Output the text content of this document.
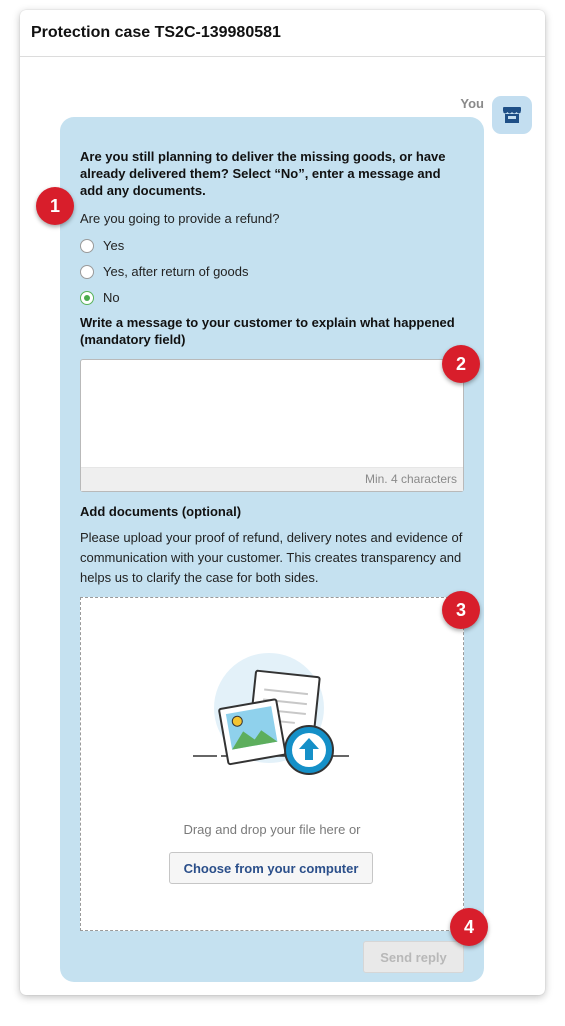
Protection case TS2C-139980581
You
Are you still planning to deliver the missing goods, or have already delivered them? Select “No”, enter a message and add any documents.
Are you going to provide a refund?
Yes
Yes, after return of goods
No
Write a message to your customer to explain what happened (mandatory field)
Min. 4 characters
Add documents (optional)
Please upload your proof of refund, delivery notes and evidence of communication with your customer. This creates transparency and helps us to clarify the case for both sides.
Drag and drop your file here or
Choose from your computer
Send reply
1
2
3
4
